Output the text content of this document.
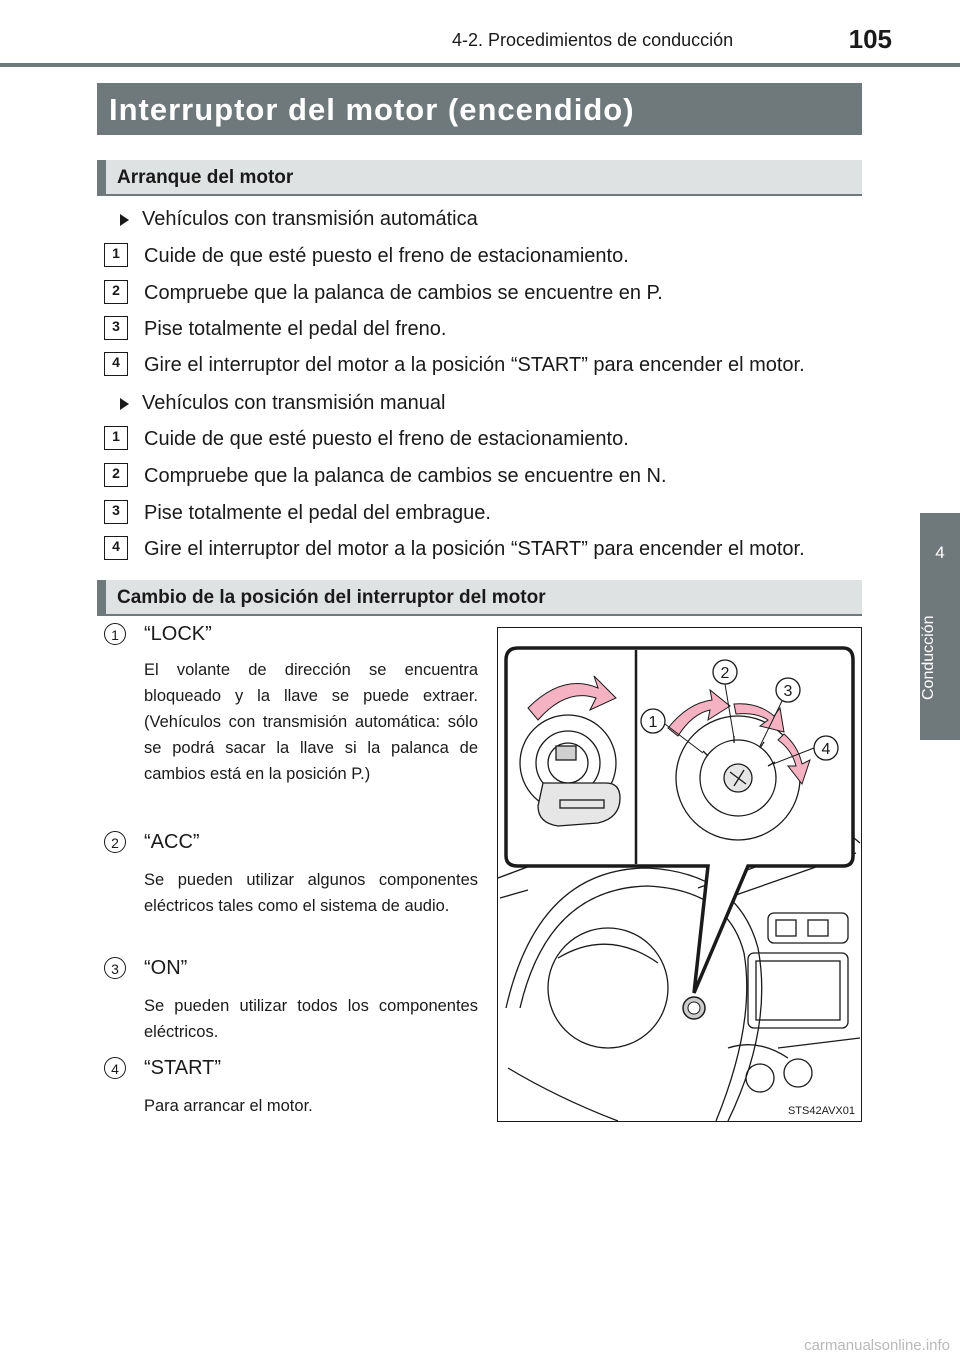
4-2. Procedimientos de conducción	105
4
Conducción
Interruptor del motor (encendido)
Arranque del motor
Vehículos con transmisión automática
1	Cuide de que esté puesto el freno de estacionamiento.
2	Compruebe que la palanca de cambios se encuentre en P.
3	Pise totalmente el pedal del freno.
4	Gire el interruptor del motor a la posición “START” para encender el motor.
Vehículos con transmisión manual
1	Cuide de que esté puesto el freno de estacionamiento.
2	Compruebe que la palanca de cambios se encuentre en N.
3	Pise totalmente el pedal del embrague.
4	Gire el interruptor del motor a la posición “START” para encender el motor.
Cambio de la posición del interruptor del motor
1	“LOCK”
El volante de dirección se encuentra bloqueado y la llave se puede extraer. (Vehículos con transmisión automática: sólo se podrá sacar la llave si la palanca de cambios está en la posición P.)
2	“ACC”
Se pueden utilizar algunos componentes eléctricos tales como el sistema de audio.
3	“ON”
Se pueden utilizar todos los componentes eléctricos.
4	“START”
Para arrancar el motor.
1
2
3
4
STS42AVX01
carmanualsonline.info
